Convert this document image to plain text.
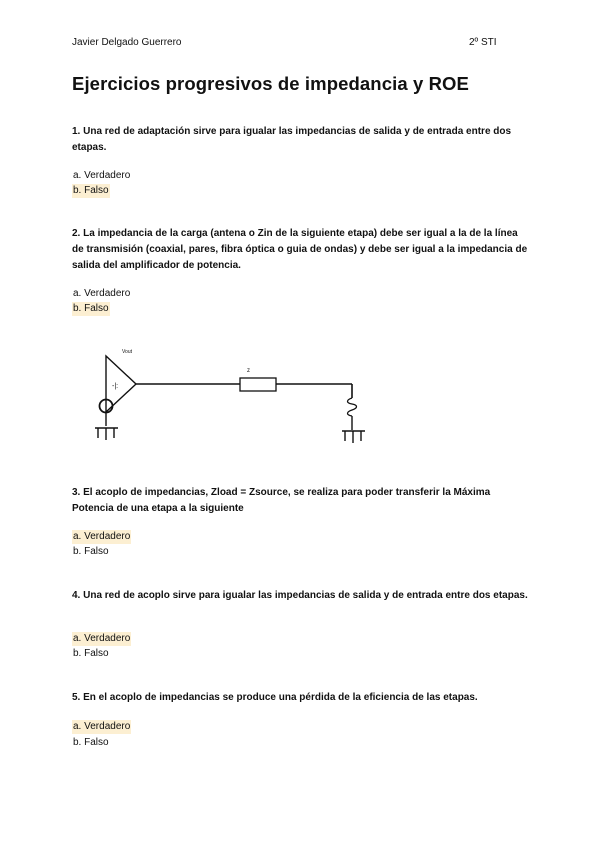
Javier Delgado Guerrero	2º STI
Ejercicios progresivos de impedancia y ROE
1. Una red de adaptación sirve para igualar las impedancias de salida y de entrada entre dos etapas.
a. Verdadero
b. Falso
2. La impedancia de la carga (antena o Zin de la siguiente etapa) debe ser igual a la de la línea de transmisión (coaxial, pares, fibra óptica o guia de ondas) y debe ser igual a la impedancia de salida del amplificador de potencia.
a. Verdadero
b. Falso
Vout
-|:
z
3. El acoplo de impedancias, Zload = Zsource, se realiza para poder transferir la Máxima Potencia de una etapa a la siguiente
a. Verdadero
b. Falso
4. Una red de acoplo sirve para igualar las impedancias de salida y de entrada entre dos etapas.
a. Verdadero
b. Falso
5. En el acoplo de impedancias se produce una pérdida de la eficiencia de las etapas.
a. Verdadero
b. Falso
